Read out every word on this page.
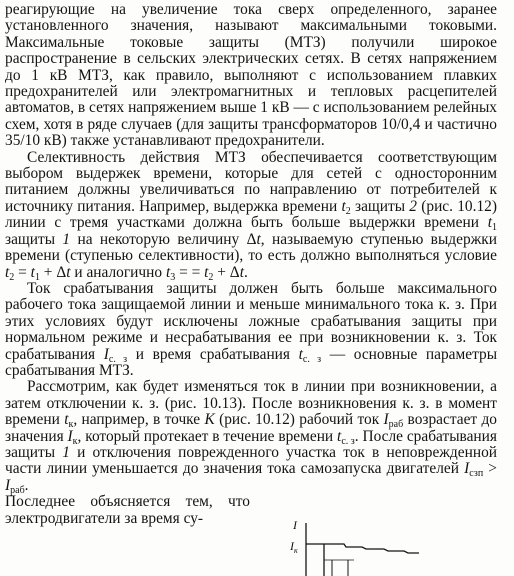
реагирующие на увеличение тока сверх определенного, заранее установленного значения, называют максимальными токовыми. Максимальные токовые защиты (МТЗ) получили широкое распространение в сельских электрических сетях. В сетях напряжением до 1 кВ МТЗ, как правило, выполняют с использованием плавких предохранителей или электромагнитных и тепловых расцепителей автоматов, в сетях напряжением выше 1 кВ — с использованием релейных схем, хотя в ряде случаев (для защиты трансформаторов 10/0,4 и частично 35/10 кВ) также устанавливают предохранители.

Селективность действия МТЗ обеспечивается соответствующим выбором выдержек времени, которые для сетей с односторонним питанием должны увеличиваться по направлению от потребителей к источнику питания. Например, выдержка времени $t_2$ защиты 2 (рис. 10.12) линии с тремя участками должна быть больше выдержки времени $t_1$ защиты 1 на некоторую величину Δt, называемую ступенью выдержки времени (ступенью селективности), то есть должно выполняться условие $t_2 = t_1 + \Delta t$ и аналогично $t_3$ = = $t_2 + \Delta t$.

Ток срабатывания защиты должен быть больше максимального рабочего тока защищаемой линии и меньше минимального тока к. з. При этих условиях будут исключены ложные срабатывания защиты при нормальном режиме и несрабатывания ее при возникновении к. з. Ток срабатывания $I_{с. з}$ и время срабатывания $t_{с. з}$ — основные параметры срабатывания МТЗ.

Рассмотрим, как будет изменяться ток в линии при возникновении, а затем отключении к. з. (рис. 10.13). После возникновения к. з. в момент времени $t_к$, например, в точке K (рис. 10.12) рабочий ток $I_{раб}$ возрастает до значения $I_к$, который протекает в течение времени $t_{с. з}$. После срабатывания защиты 1 и отключения поврежденного участка ток в неповрежденной части линии уменьшается до значения тока самозапуска двигателей $I_{сзп} > I_{раб}$.

Последнее объясняется тем, что электродвигатели за время су-	I
$I_к$
